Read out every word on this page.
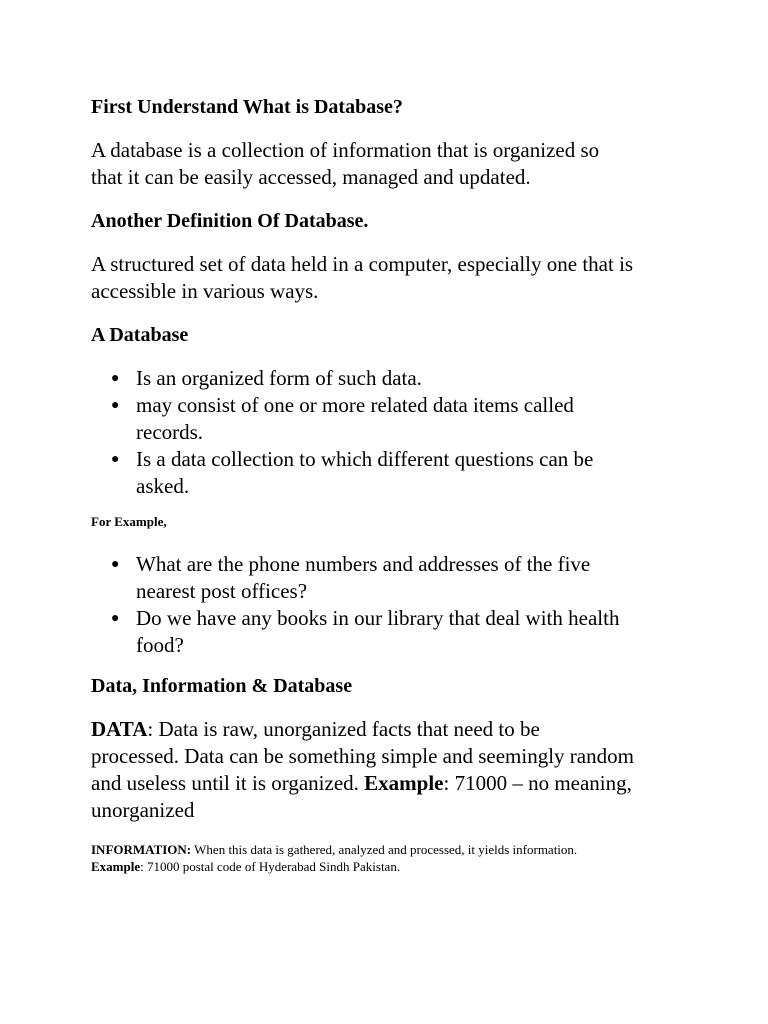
First Understand What is Database?
A database is a collection of information that is organized so
that it can be easily accessed, managed and updated.
Another Definition Of Database.
A structured set of data held in a computer, especially one that is
accessible in various ways.
A Database
● Is an organized form of such data.
● may consist of one or more related data items called
records.
● Is a data collection to which different questions can be
asked.
For Example,
● What are the phone numbers and addresses of the five
nearest post offices?
● Do we have any books in our library that deal with health
food?
Data, Information & Database
DATA: Data is raw, unorganized facts that need to be
processed. Data can be something simple and seemingly random
and useless until it is organized. Example: 71000 – no meaning,
unorganized
INFORMATION: When this data is gathered, analyzed and processed, it yields information.
Example: 71000 postal code of Hyderabad Sindh Pakistan.
